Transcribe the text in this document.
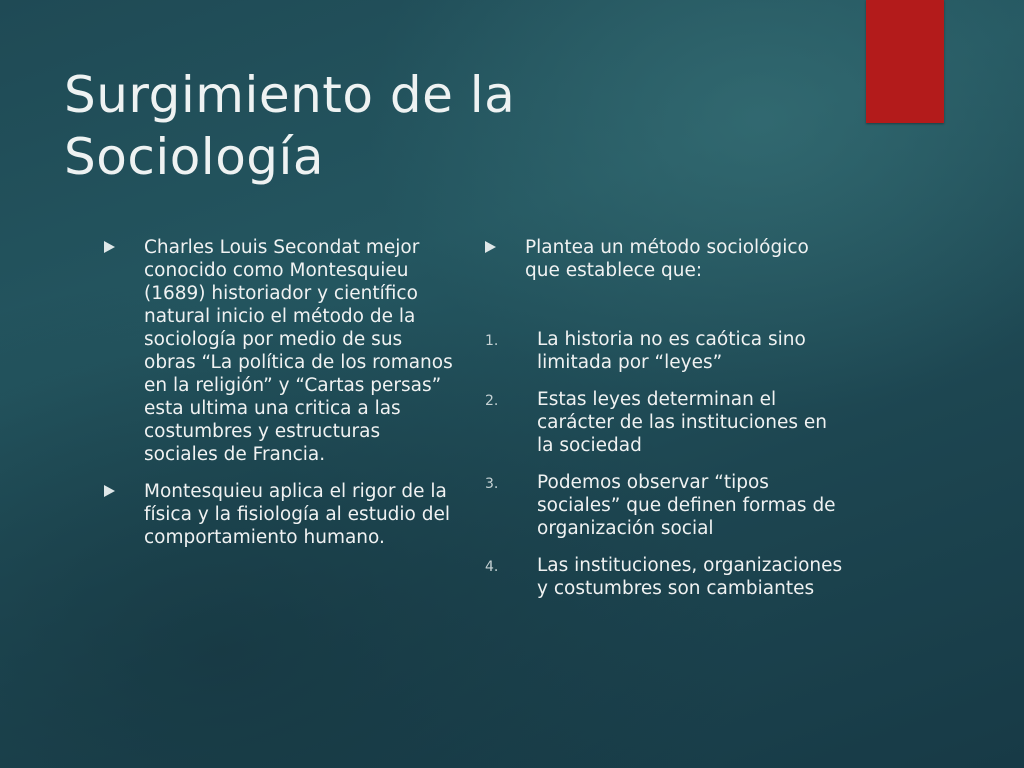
Surgimiento de la
Sociología
Charles Louis Secondat mejor conocido como Montesquieu (1689) historiador y científico natural inicio el método de la sociología por medio de sus obras “La política de los romanos en la religión” y “Cartas persas” esta ultima una critica a las costumbres y estructuras sociales de Francia.
Montesquieu aplica el rigor de la física y la fisiología al estudio del comportamiento humano.
Plantea un método sociológico que establece que:
1. La historia no es caótica sino limitada por “leyes”
2. Estas leyes determinan el carácter de las instituciones en la sociedad
3. Podemos observar “tipos sociales” que definen formas de organización social
4. Las instituciones, organizaciones y costumbres son cambiantes
